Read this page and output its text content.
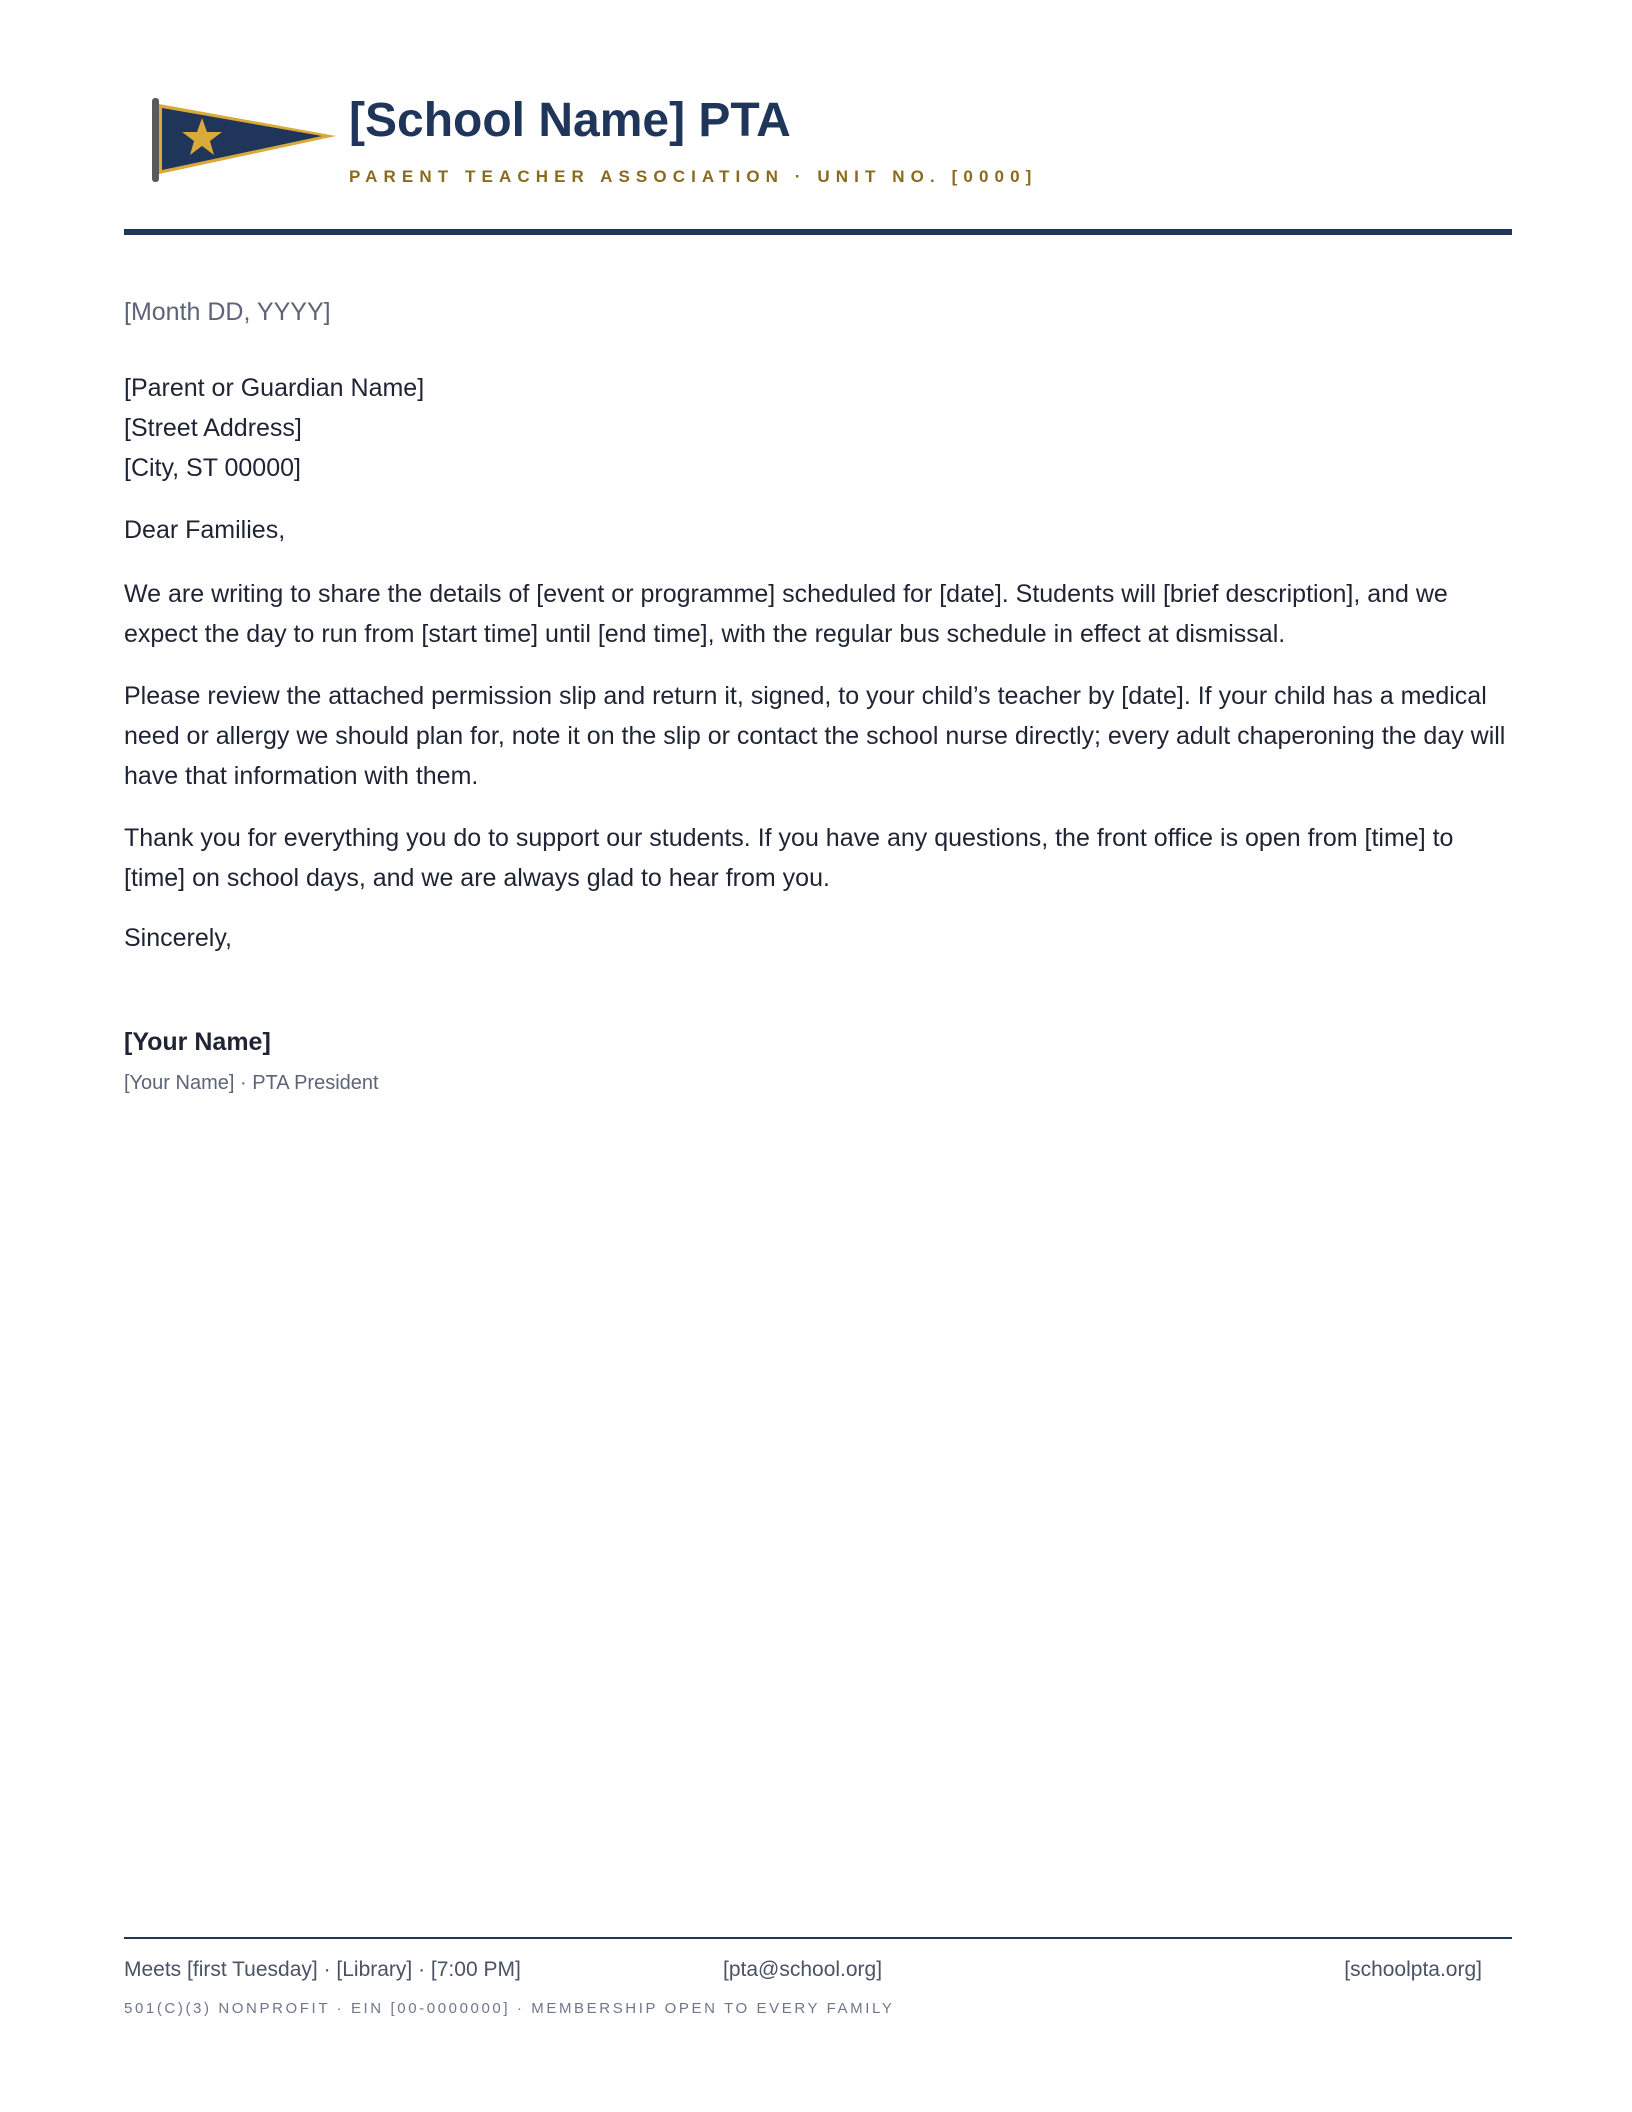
[School Name] PTA
PARENT TEACHER ASSOCIATION · UNIT NO. [0000]
[Month DD, YYYY]
[Parent or Guardian Name]
[Street Address]
[City, ST 00000]
Dear Families,

We are writing to share the details of [event or programme] scheduled for [date]. Students will [brief description], and we expect the day to run from [start time] until [end time], with the regular bus schedule in effect at dismissal.

Please review the attached permission slip and return it, signed, to your child’s teacher by [date]. If your child has a medical need or allergy we should plan for, note it on the slip or contact the school nurse directly; every adult chaperoning the day will have that information with them.

Thank you for everything you do to support our students. If you have any questions, the front office is open from [time] to [time] on school days, and we are always glad to hear from you.

Sincerely,
[Your Name]
[Your Name] · PTA President
Meets [first Tuesday] · [Library] · [7:00 PM]	[pta@school.org]	[schoolpta.org]
501(C)(3) NONPROFIT · EIN [00-0000000] · MEMBERSHIP OPEN TO EVERY FAMILY
